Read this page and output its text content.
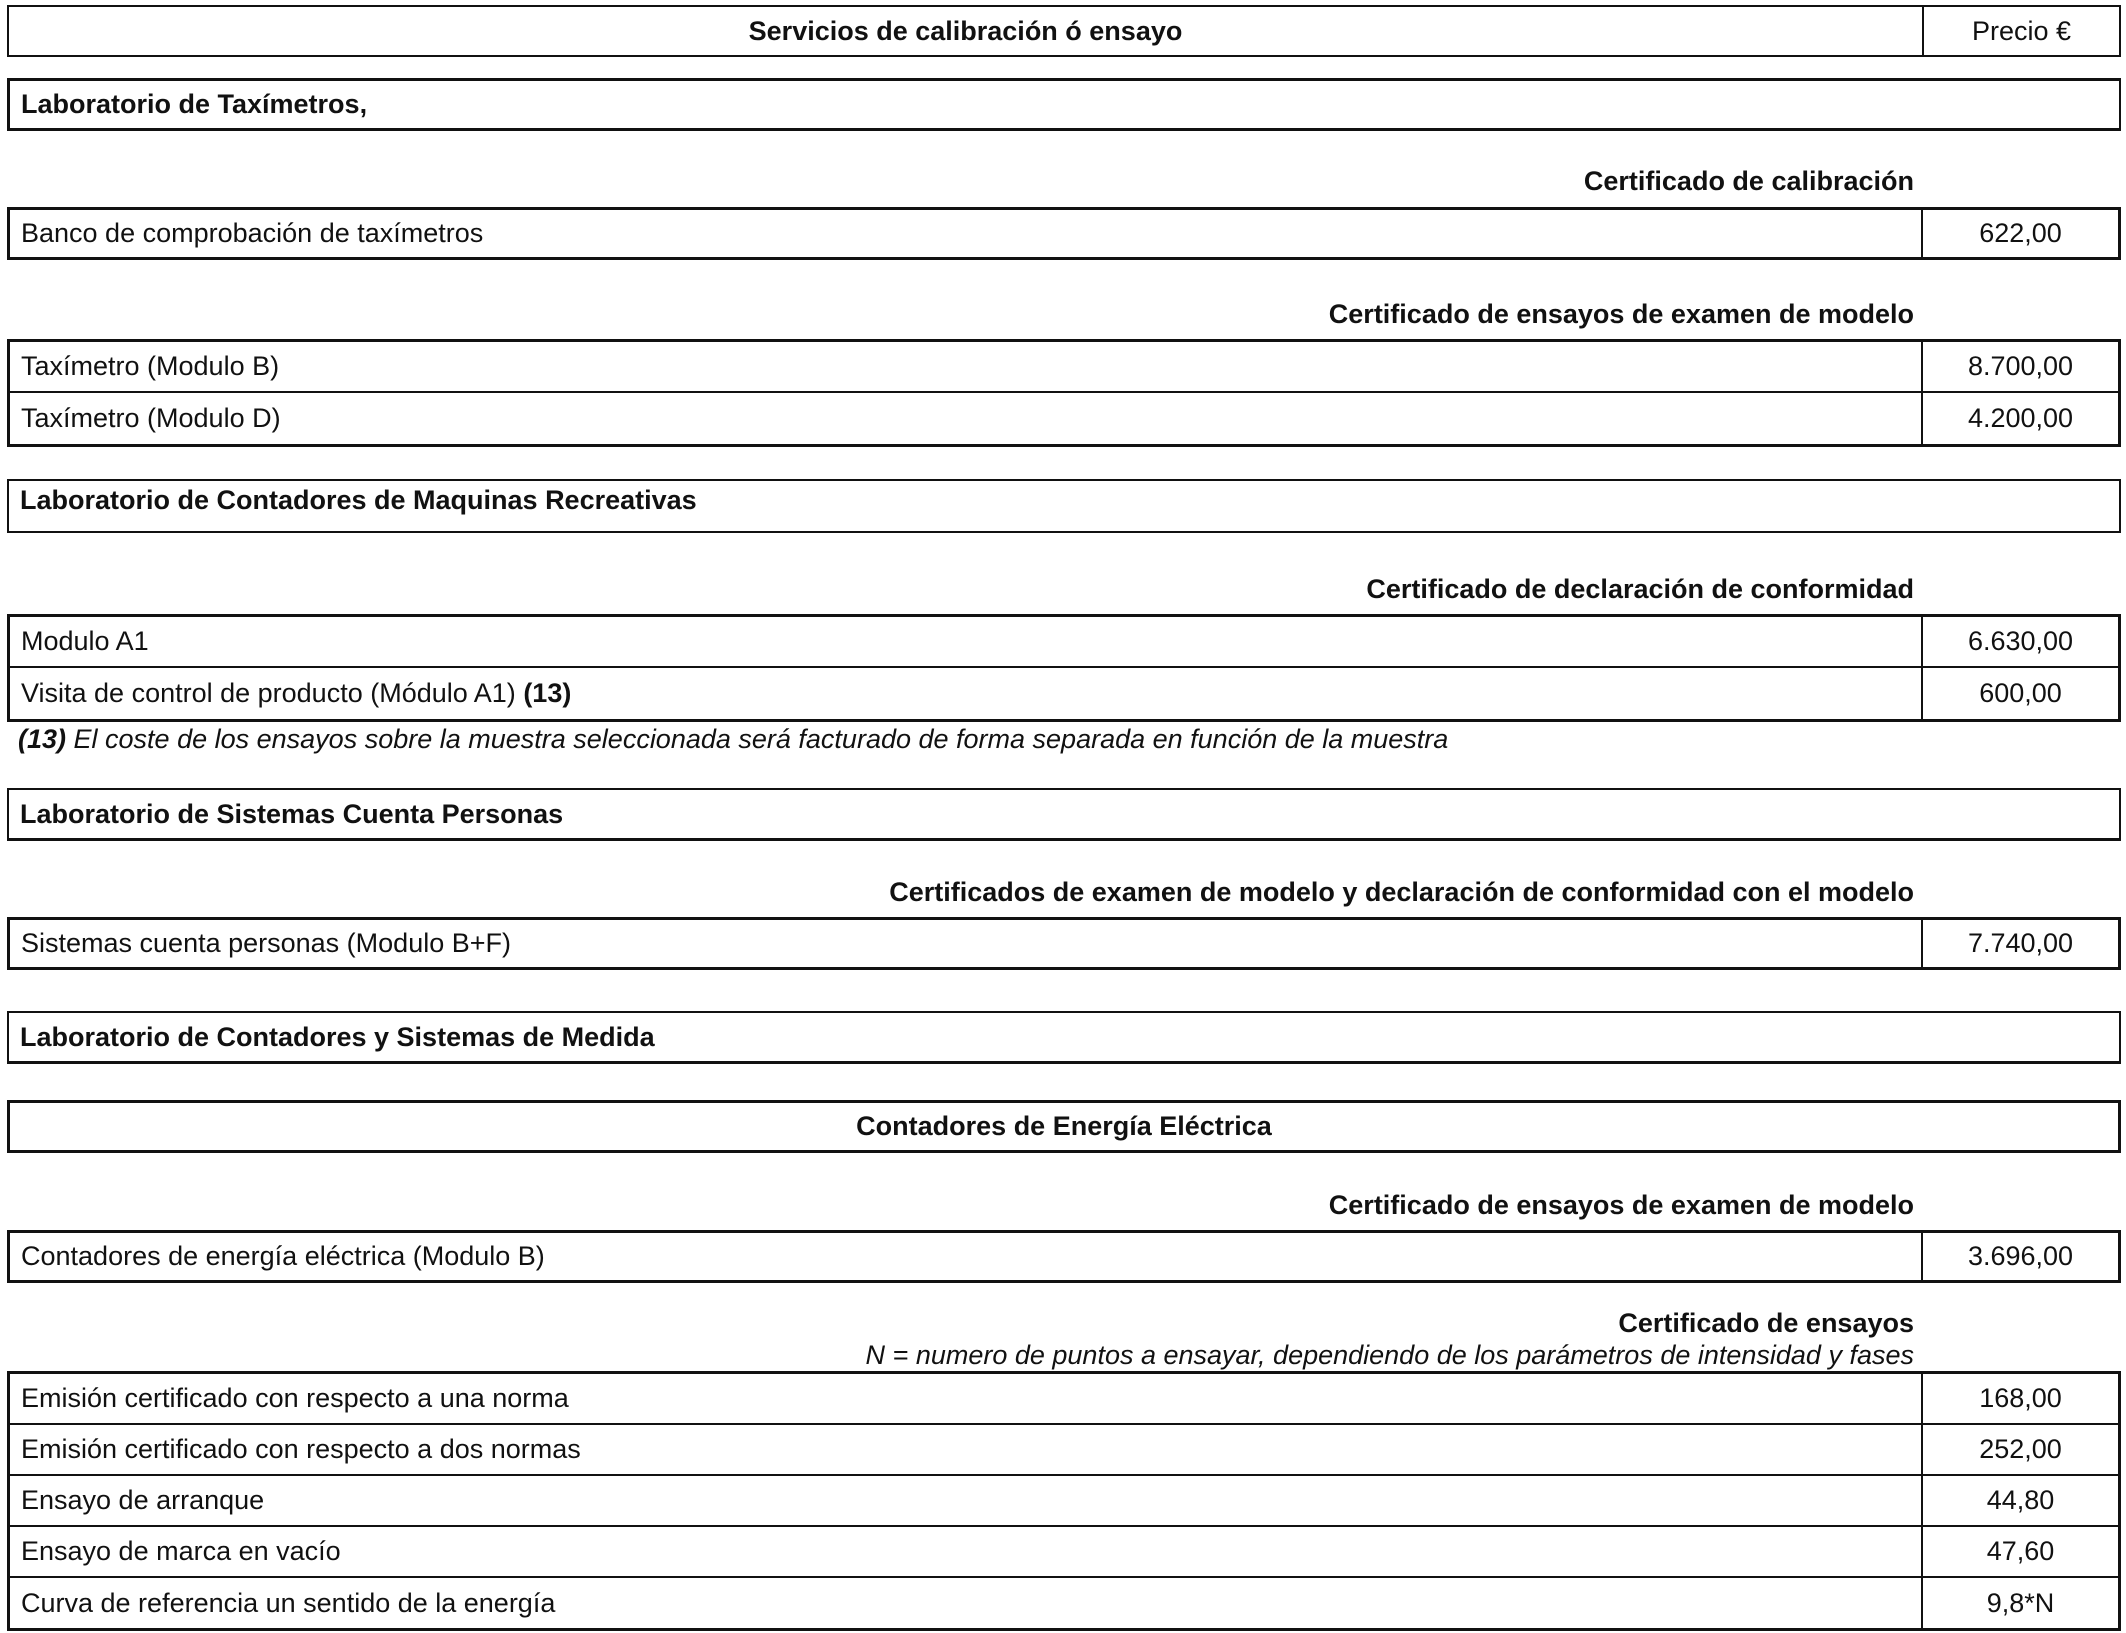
Servicios de calibración ó ensayo	Precio €
Laboratorio de Taxímetros,
Certificado de calibración
Banco de comprobación de taxímetros	622,00
Certificado de ensayos de examen de modelo
Taxímetro (Modulo B)	8.700,00
Taxímetro (Modulo D)	4.200,00
Laboratorio de Contadores de Maquinas Recreativas
Certificado de declaración de conformidad
Modulo A1	6.630,00
Visita de control de producto (Módulo A1) (13)	600,00
(13) El coste de los ensayos sobre la muestra seleccionada será facturado de forma separada en función de la muestra
Laboratorio de Sistemas Cuenta Personas
Certificados de examen de modelo y declaración de conformidad con el modelo
Sistemas cuenta personas (Modulo B+F)	7.740,00
Laboratorio de Contadores y Sistemas de Medida
Contadores de Energía Eléctrica
Certificado de ensayos de examen de modelo
Contadores de energía eléctrica (Modulo B)	3.696,00
Certificado de ensayos
N = numero de puntos a ensayar, dependiendo de los parámetros de intensidad y fases
Emisión certificado con respecto a una norma	168,00
Emisión certificado con respecto a dos normas	252,00
Ensayo de arranque	44,80
Ensayo de marca en vacío	47,60
Curva de referencia un sentido de la energía	9,8*N
